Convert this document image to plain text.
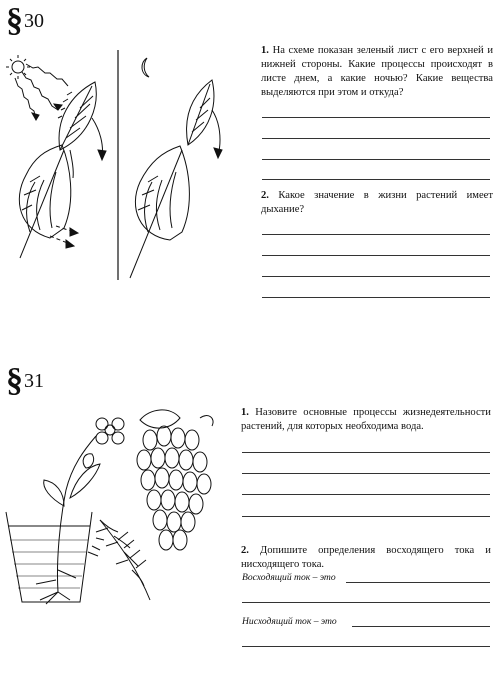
§30
1. На схеме показан зеленый лист с его верхней и нижней стороны. Какие процессы происходят в листе днем, а какие ночью? Какие вещества выделяются при этом и откуда?
2. Какое значение в жизни растений имеет дыхание?
§31
1. Назовите основные процессы жизнедеятельности растений, для которых необходима вода.
2. Допишите определения восходящего тока и нисходящего тока.
Восходящий ток – это
Нисходящий ток – это
